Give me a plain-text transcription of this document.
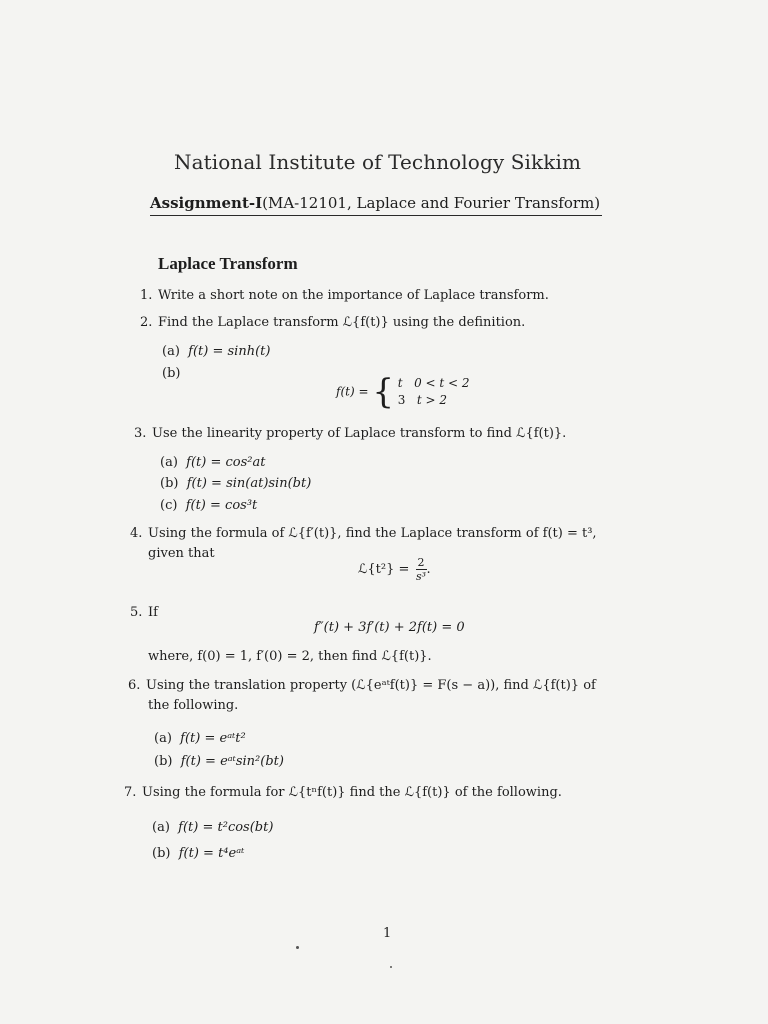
National Institute of Technology Sikkim
Assignment-I(MA-12101, Laplace and Fourier Transform)
Laplace Transform
1. Write a short note on the importance of Laplace transform.
2. Find the Laplace transform ℒ{f(t)} using the definition.
(a) f(t) = sinh(t)
(b)
f(t) = { t 0 < t < 2
3 t > 2
3. Use the linearity property of Laplace transform to find ℒ{f(t)}.
(a) f(t) = cos²at
(b) f(t) = sin(at)sin(bt)
(c) f(t) = cos³t
4. Using the formula of ℒ{f′(t)}, find the Laplace transform of f(t) = t³,
given that
ℒ{t²} = $\frac{2}{\text{s³}}$ .
5. If
f″(t) + 3f′(t) + 2f(t) = 0
where, f(0) = 1, f′(0) = 2, then find ℒ{f(t)}.
6. Using the translation property (ℒ{eᵃᵗf(t)} = F(s − a)), find ℒ{f(t)} of
the following.
(a) f(t) = eᵃᵗt²
(b) f(t) = eᵃᵗsin²(bt)
7. Using the formula for ℒ{tⁿf(t)} find the ℒ{f(t)} of the following.
(a) f(t) = t²cos(bt)
(b) f(t) = t⁴eᵃᵗ
1
